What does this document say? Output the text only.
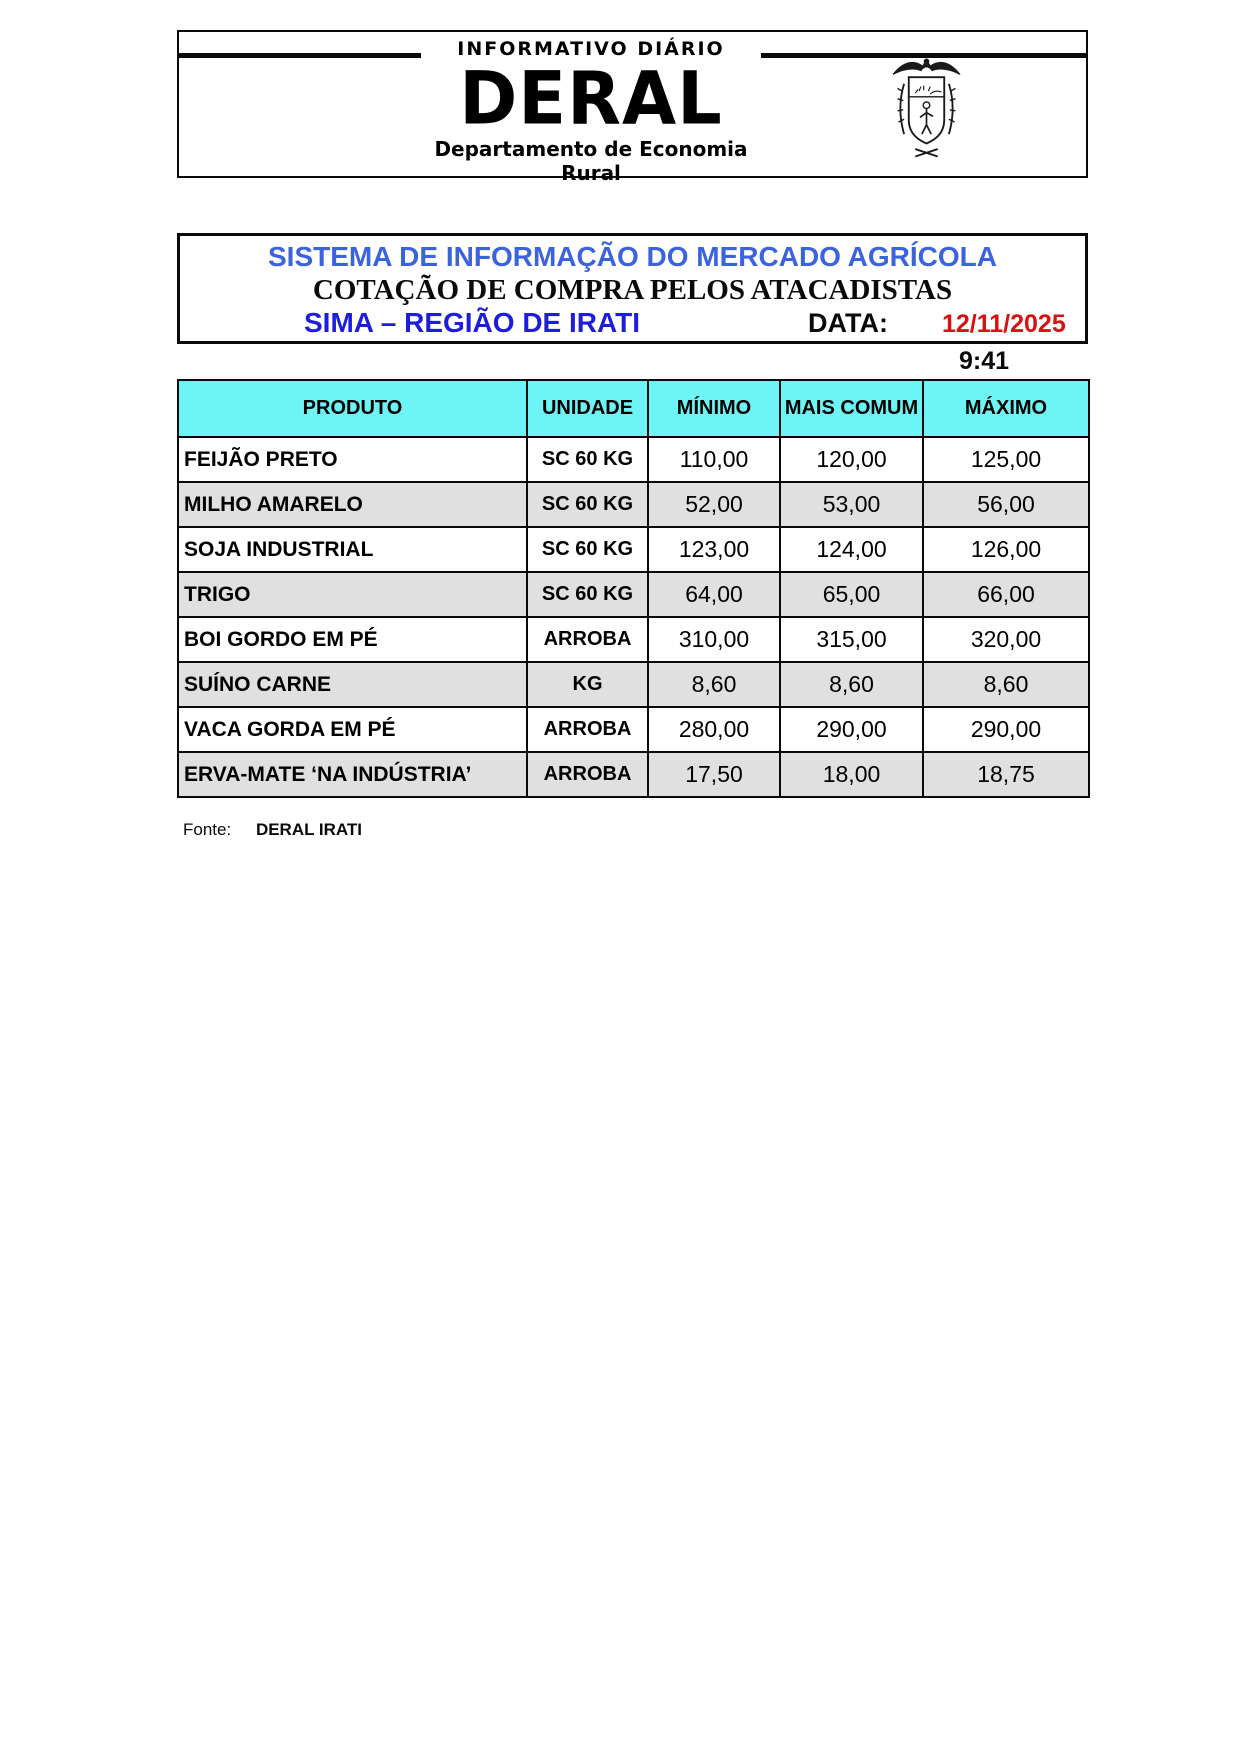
INFORMATIVO DIÁRIO
DERAL
Departamento de Economia Rural
SISTEMA DE INFORMAÇÃO DO MERCADO AGRÍCOLA
COTAÇÃO DE COMPRA PELOS ATACADISTAS
SIMA – REGIÃO DE IRATI	DATA: 12/11/2025
9:41
PRODUTO	UNIDADE	MÍNIMO	MAIS COMUM	MÁXIMO
FEIJÃO PRETO	SC 60 KG	110,00	120,00	125,00
MILHO AMARELO	SC 60 KG	52,00	53,00	56,00
SOJA INDUSTRIAL	SC 60 KG	123,00	124,00	126,00
TRIGO	SC 60 KG	64,00	65,00	66,00
BOI GORDO EM PÉ	ARROBA	310,00	315,00	320,00
SUÍNO CARNE	KG	8,60	8,60	8,60
VACA GORDA EM PÉ	ARROBA	280,00	290,00	290,00
ERVA-MATE ‘NA INDÚSTRIA’	ARROBA	17,50	18,00	18,75
Fonte: DERAL IRATI
